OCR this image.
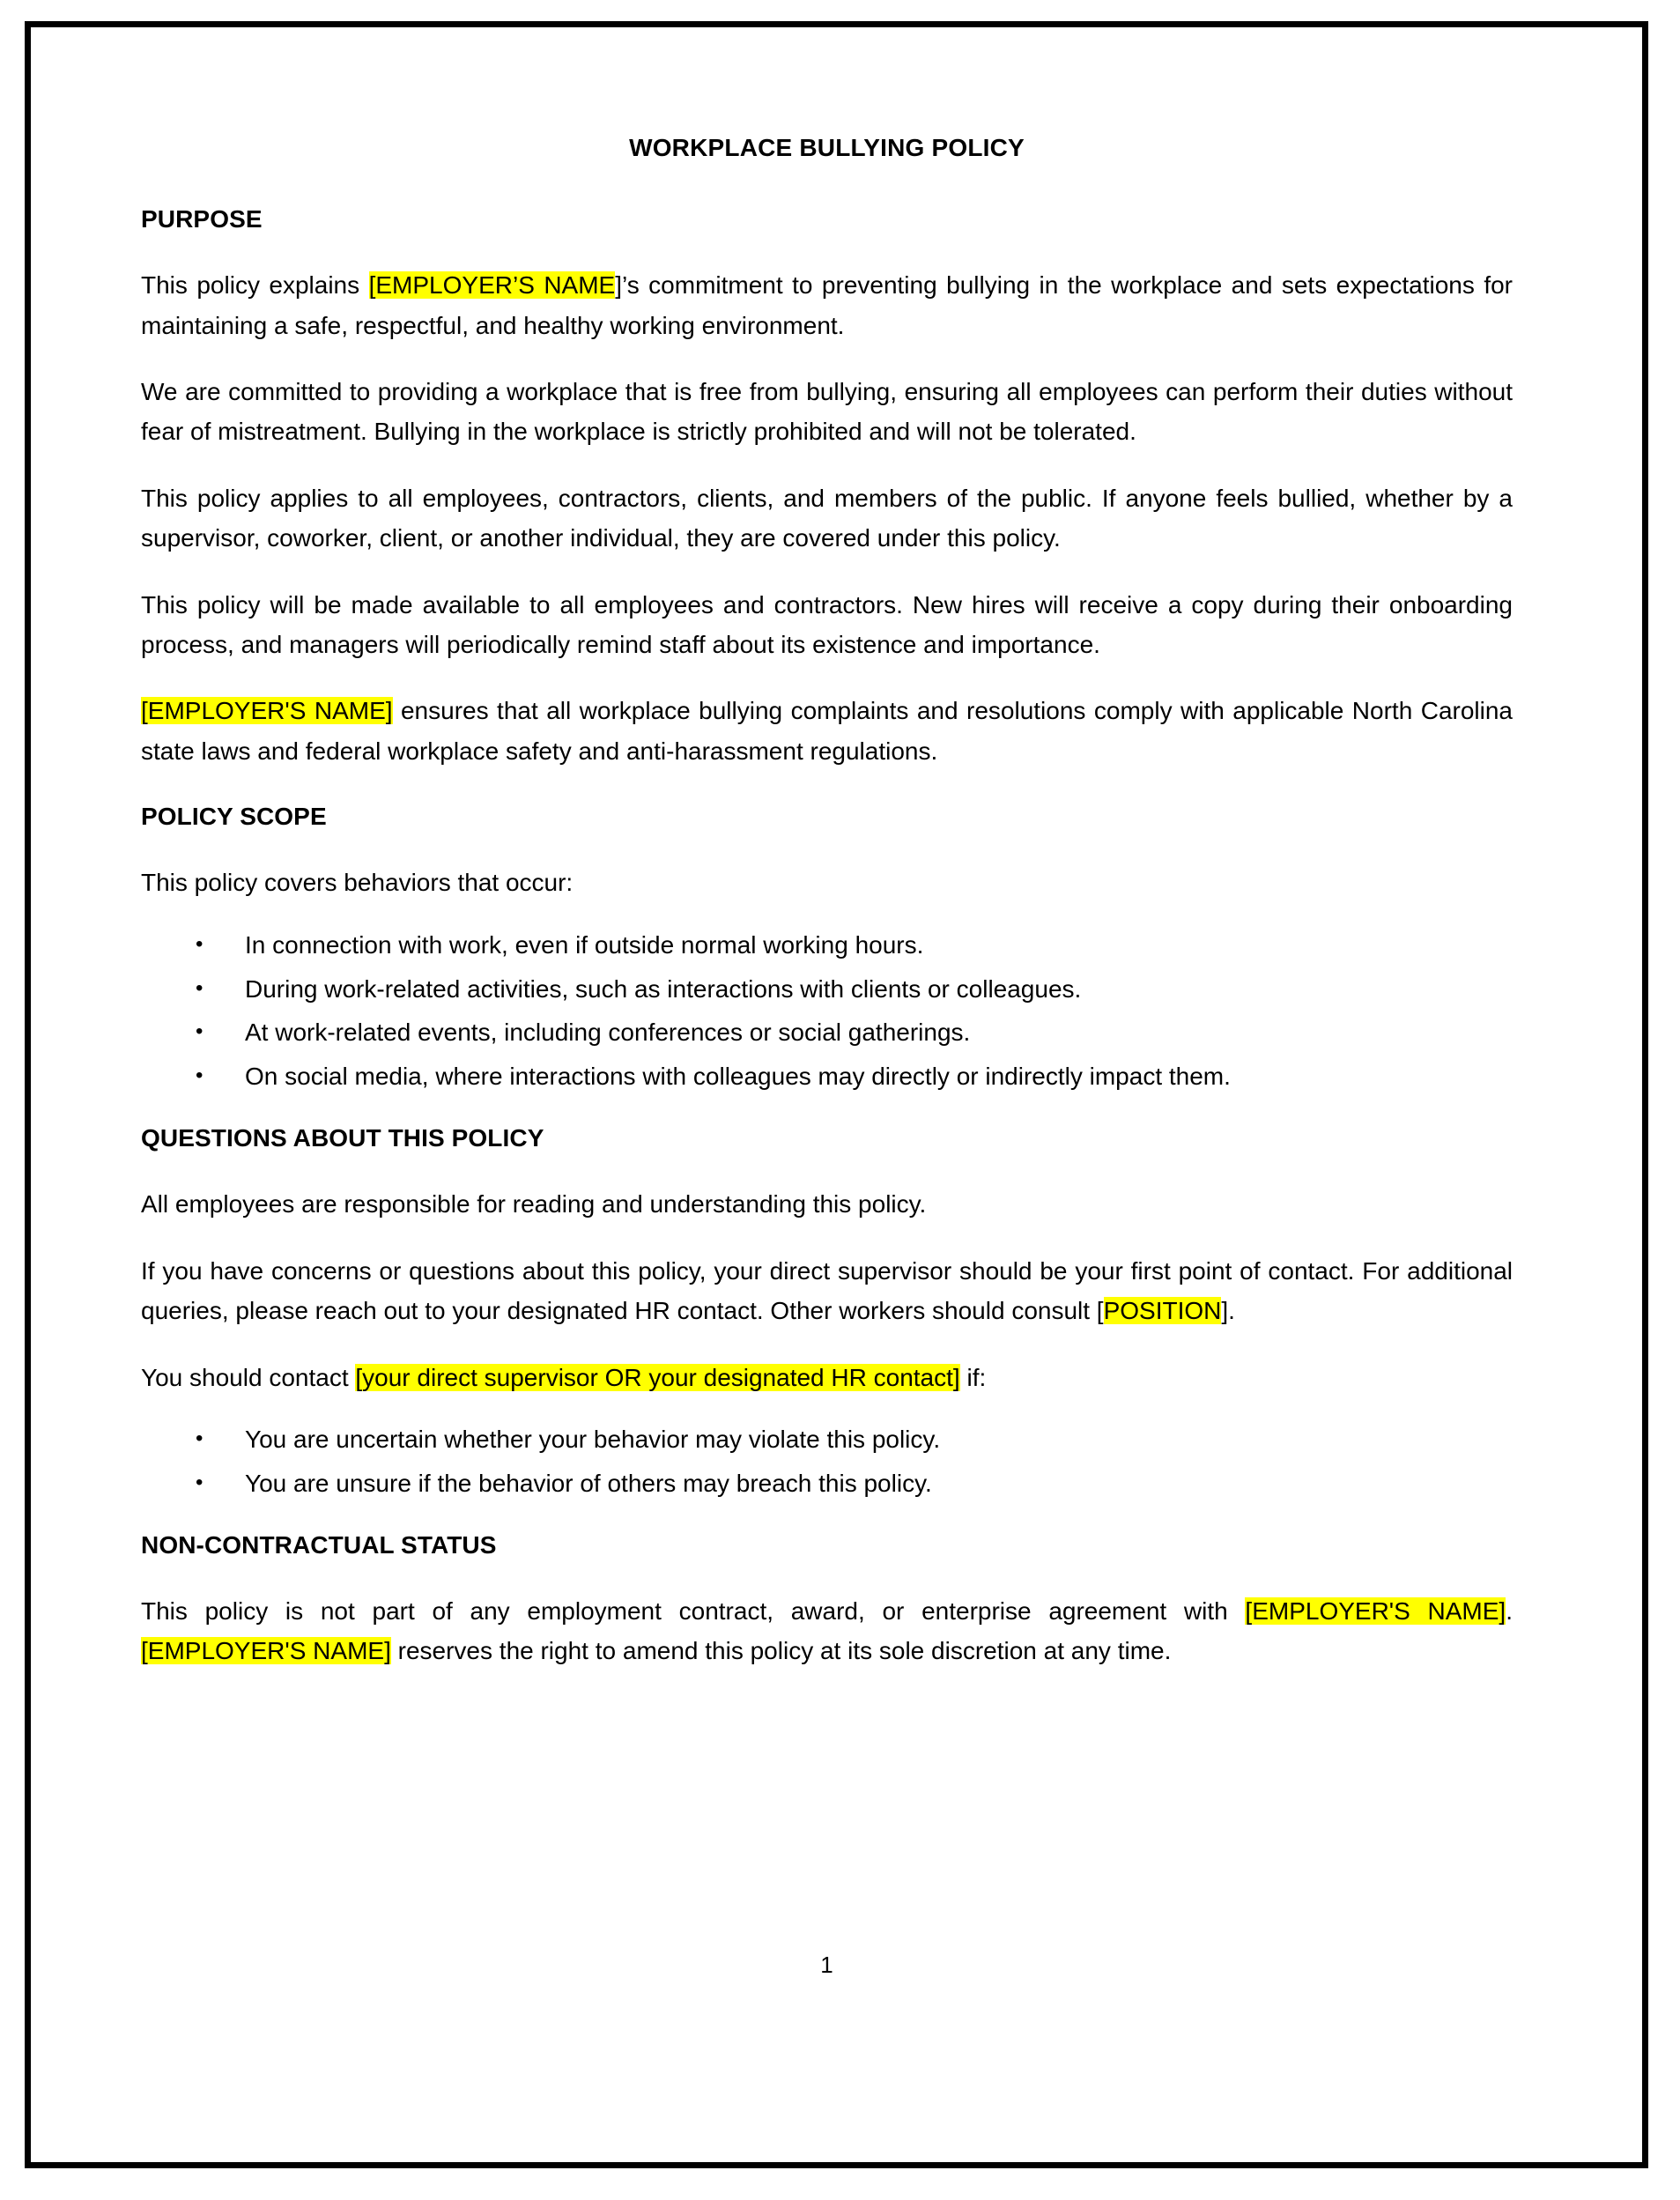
WORKPLACE BULLYING POLICY
PURPOSE

This policy explains [EMPLOYER’S NAME]’s commitment to preventing bullying in the workplace and sets expectations for maintaining a safe, respectful, and healthy working environment.

We are committed to providing a workplace that is free from bullying, ensuring all employees can perform their duties without fear of mistreatment. Bullying in the workplace is strictly prohibited and will not be tolerated.

This policy applies to all employees, contractors, clients, and members of the public. If anyone feels bullied, whether by a supervisor, coworker, client, or another individual, they are covered under this policy.

This policy will be made available to all employees and contractors. New hires will receive a copy during their onboarding process, and managers will periodically remind staff about its existence and importance.

[EMPLOYER'S NAME] ensures that all workplace bullying complaints and resolutions comply with applicable North Carolina state laws and federal workplace safety and anti-harassment regulations.

POLICY SCOPE

This policy covers behaviors that occur:

• In connection with work, even if outside normal working hours.
• During work-related activities, such as interactions with clients or colleagues.
• At work-related events, including conferences or social gatherings.
• On social media, where interactions with colleagues may directly or indirectly impact them.
QUESTIONS ABOUT THIS POLICY

All employees are responsible for reading and understanding this policy.

If you have concerns or questions about this policy, your direct supervisor should be your first point of contact. For additional queries, please reach out to your designated HR contact. Other workers should consult [POSITION].

You should contact [your direct supervisor OR your designated HR contact] if:

• You are uncertain whether your behavior may violate this policy.
• You are unsure if the behavior of others may breach this policy.
NON-CONTRACTUAL STATUS

This policy is not part of any employment contract, award, or enterprise agreement with [EMPLOYER'S NAME]. [EMPLOYER'S NAME] reserves the right to amend this policy at its sole discretion at any time.

1
